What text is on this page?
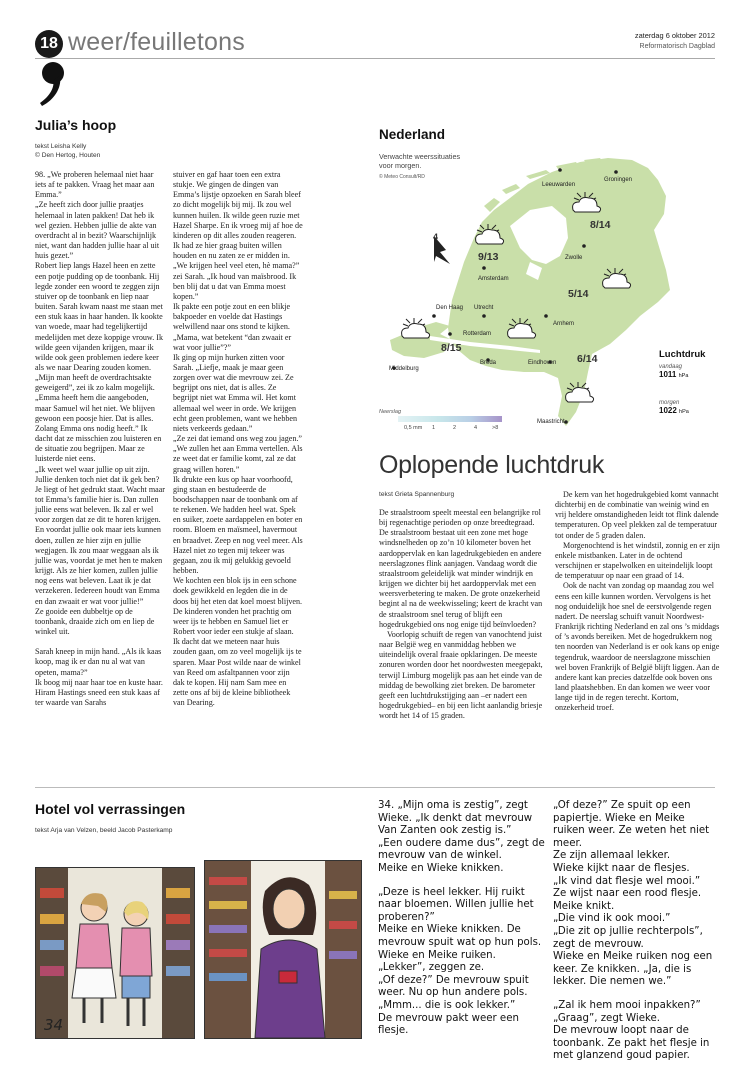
18 weer/feuilletons	zaterdag 6 oktober 2012
Reformatorisch Dagblad
Julia’s hoop
tekst Leisha Kelly
© Den Hertog, Houten

98. „We proberen helemaal niet haar iets af te pakken. Vraag het maar aan Emma.”

„Ze heeft zich door jullie praatjes helemaal in laten pakken! Dat heb ik wel gezien. Hebben jullie de akte van overdracht al in bezit? Waarschijnlijk niet, want dan hadden jullie haar al uit huis gezet.”

Robert liep langs Hazel heen en zette een potje pudding op de toonbank. Hij legde zonder een woord te zeggen zijn stuiver op de toonbank en liep naar buiten. Sarah kwam naast me staan met een stuk kaas in haar handen. Ik kookte van woede, maar had tegelijkertijd medelijden met deze koppige vrouw. Ik wilde geen vijanden krijgen, maar ik wilde ook geen problemen iedere keer als we naar Dearing zouden komen.

„Mijn man heeft de overdrachtsakte geweigerd”, zei ik zo kalm mogelijk. „Emma heeft hem die aangeboden, maar Samuel wil het niet. We blijven gewoon een poosje hier. Dat is alles. Zolang Emma ons nodig heeft.” Ik dacht dat ze misschien zou luisteren en de situatie zou begrijpen. Maar ze luisterde niet eens.

„Ik weet wel waar jullie op uit zijn. Jullie denken toch niet dat ik gek ben? Je liegt of het gedrukt staat. Wacht maar tot Emma’s familie hier is. Dan zullen jullie eens wat beleven. Ik zal er wel voor zorgen dat ze dit te horen krijgen. En voordat jullie ook maar iets kunnen doen, zullen ze hier zijn en jullie wegjagen. Ik zou maar weggaan als ik jullie was, voordat je met hen te maken krijgt. Als ze hier komen, zullen jullie nog eens wat beleven. Laat ik je dat verzekeren. Iedereen houdt van Emma en dan zwaait er wat voor jullie!”

Ze gooide een dubbeltje op de toonbank, draaide zich om en liep de winkel uit.

Sarah kneep in mijn hand. „Als ik kaas koop, mag ik er dan nu al wat van opeten, mama?”

Ik boog mij naar haar toe en kuste haar.

Hiram Hastings sneed een stuk kaas af ter waarde van Sarahs

stuiver en gaf haar toen een extra stukje. We gingen de dingen van Emma’s lijstje opzoeken en Sarah bleef zo dicht mogelijk bij mij. Ik zou wel kunnen huilen. Ik wilde geen ruzie met Hazel Sharpe. En ik vroeg mij af hoe de kinderen op dit alles zouden reageren. Ik had ze hier graag buiten willen houden en nu zaten ze er midden in.

„We krijgen heel veel eten, hè mama?” zei Sarah. „Ik houd van maïsbrood. Ik ben blij dat u dat van Emma moest kopen.”

Ik pakte een potje zout en een blikje bakpoeder en voelde dat Hastings welwillend naar ons stond te kijken.

„Mama, wat betekent “dan zwaait er wat voor jullie”?”

Ik ging op mijn hurken zitten voor Sarah. „Liefje, maak je maar geen zorgen over wat die mevrouw zei. Ze begrijpt ons niet, dat is alles. Ze begrijpt niet wat Emma wil. Het komt allemaal wel weer in orde. We krijgen echt geen problemen, want we hebben niets verkeerds gedaan.”

„Ze zei dat iemand ons weg zou jagen.”

„We zullen het aan Emma vertellen. Als ze weet dat er familie komt, zal ze dat graag willen horen.”

Ik drukte een kus op haar voorhoofd, ging staan en bestudeerde de boodschappen naar de toonbank om af te rekenen. We hadden heel wat. Spek en suiker, zoete aardappelen en boter en room. Bloem en maïsmeel, havermout en braadvet. Zeep en nog veel meer. Als Hazel niet zo tegen mij tekeer was gegaan, zou ik mij gelukkig gevoeld hebben.

We kochten een blok ijs in een schone doek gewikkeld en legden die in de doos bij het eten dat koel moest blijven. De kinderen vonden het prachtig om weer ijs te hebben en Samuel liet er Robert voor ieder een stukje af slaan.

Ik dacht dat we meteen naar huis zouden gaan, om zo veel mogelijk ijs te sparen. Maar Post wilde naar de winkel van Reed om asfaltpannen voor zijn dak te kopen. Hij nam Sam mee en zette ons af bij de kleine bibliotheek van Dearing.

Nederland
Verwachte weerssituaties
voor morgen.
© Meteo Consult/RD
Leeuwarden
Groningen
Zwolle
Amsterdam
Den Haag Utrecht
Rotterdam
Arnhem
Middelburg
Breda	Eindhoven
Maastricht
4
8/14
9/13
5/14
8/15
6/14
Neerslag
0,5 mm 1	2	4	>8
Luchtdruk
vandaag
1011 hPa
morgen
1022 hPa
Oplopende luchtdruk
tekst Grieta Spannenburg

De straalstroom speelt meestal een belangrijke rol bij regenachtige perioden op onze breedtegraad. De straalstroom bestaat uit een zone met hoge windsnelheden op zo’n 10 kilometer boven het aardoppervlak en kan lagedrukgebieden en andere neerslagzones flink aanjagen. Vandaag wordt die straalstroom geleidelijk wat minder windrijk en krijgen we dichter bij het aardoppervlak met een weersverbetering te maken. De grote onzekerheid begint al na de weekwisseling; keert de kracht van de straalstroom snel terug of blijft een hogedrukgebied ons nog enige tijd beïnvloeden?

Voorlopig schuift de regen van vanochtend juist naar België weg en vanmiddag hebben we uiteindelijk overal fraaie opklaringen. De meeste zonuren worden door het noordwesten meegepakt, terwijl Limburg mogelijk pas aan het einde van de middag de bewolking ziet breken. De barometer geeft een luchtdrukstijging aan –er nadert een hogedrukgebied– en bij een licht aanlandig briesje wordt het 14 of 15 graden.

De kern van het hogedrukgebied komt vannacht dichterbij en de combinatie van weinig wind en vrij heldere omstandigheden leidt tot flink dalende temperaturen. Op veel plekken zal de temperatuur tot onder de 5 graden dalen.

Morgenochtend is het windstil, zonnig en er zijn enkele mistbanken. Later in de ochtend verschijnen er stapelwolken en uiteindelijk loopt de temperatuur op naar een graad of 14.

Ook de nacht van zondag op maandag zou wel eens een kille kunnen worden. Vervolgens is het nog onduidelijk hoe snel de eerstvolgende regen nadert. De neerslag schuift vanuit Noordwest-Frankrijk richting Nederland en zal ons ’s middags of ’s avonds bereiken. Met de hogedrukkern nog ten noorden van Nederland is er ook kans op enige tegendruk, waardoor de neerslagzone misschien wel boven Frankrijk of België blijft liggen. Aan de andere kant kan precies datzelfde ook boven ons land plaatshebben. En dan komen we weer voor lange tijd in de regen terecht. Kortom, onzekerheid troef.

Hotel vol verrassingen
tekst Arja van Velzen, beeld Jacob Pasterkamp
34

34. „Mijn oma is zestig”, zegt Wieke. „Ik denkt dat mevrouw Van Zanten ook zestig is.”

„Een oudere dame dus”, zegt de mevrouw van de winkel.

Meike en Wieke knikken.

„Deze is heel lekker. Hij ruikt naar bloemen. Willen jullie het proberen?”

Meike en Wieke knikken. De mevrouw spuit wat op hun pols.

Wieke en Meike ruiken.

„Lekker”, zeggen ze.

„Of deze?” De mevrouw spuit weer. Nu op hun andere pols.

„Mmm... die is ook lekker.”

De mevrouw pakt weer een flesje.

„Of deze?” Ze spuit op een papiertje. Wieke en Meike ruiken weer. Ze weten het niet meer.

Ze zijn allemaal lekker.

Wieke kijkt naar de flesjes.

„Ik vind dat flesje wel mooi.”

Ze wijst naar een rood flesje.

Meike knikt.

„Die vind ik ook mooi.”

„Die zit op jullie rechterpols”, zegt de mevrouw.

Wieke en Meike ruiken nog een keer. Ze knikken. „Ja, die is lekker. Die nemen we.”

„Zal ik hem mooi inpakken?”

„Graag”, zegt Wieke.

De mevrouw loopt naar de toonbank. Ze pakt het flesje in met glanzend goud papier.
